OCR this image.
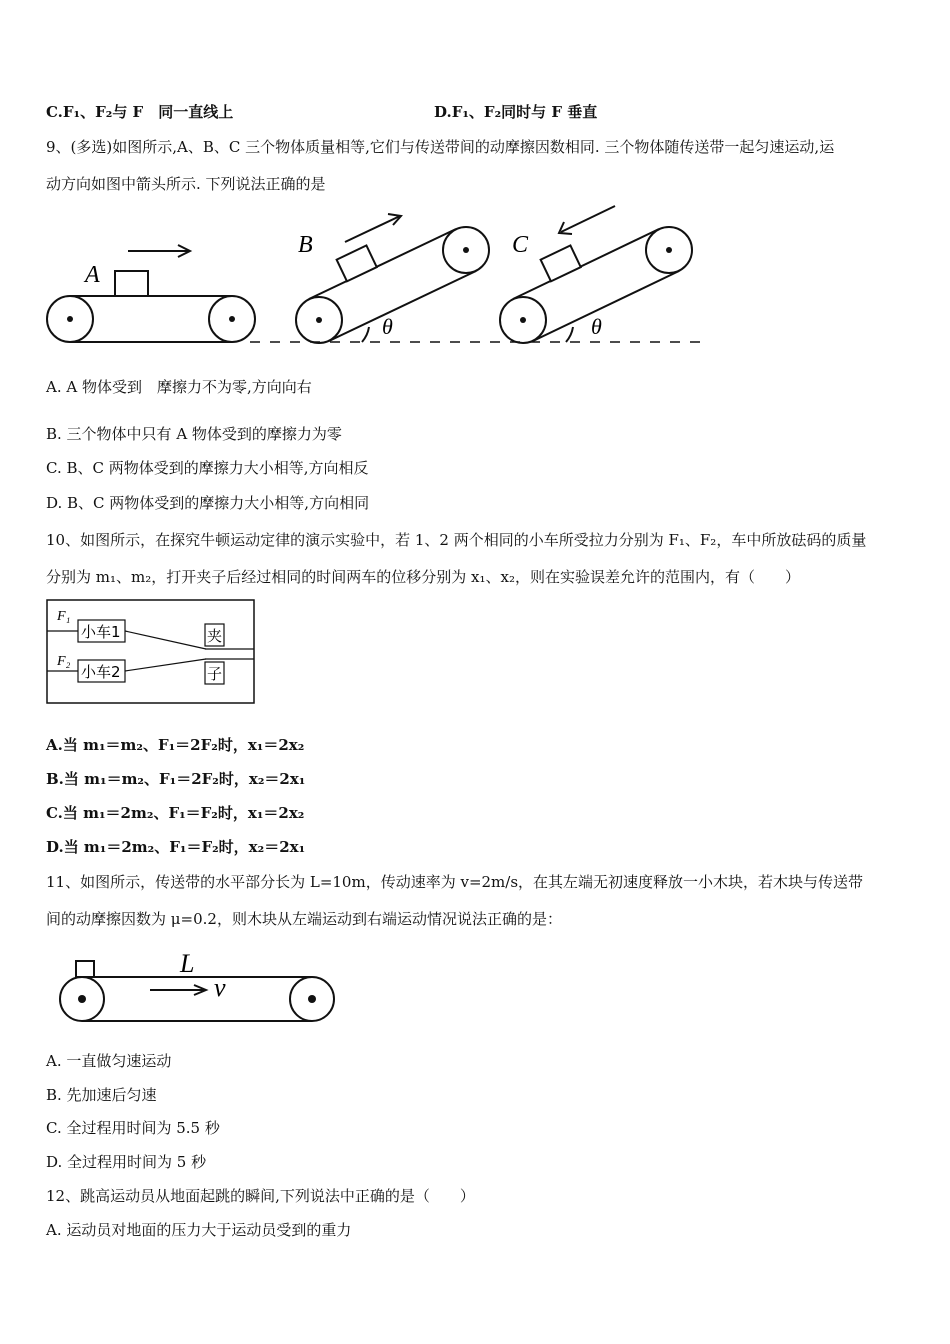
C.F₁、F₂与 F　同一直线上	D.F₁、F₂同时与 F 垂直
9、(多选)如图所示,A、B、C 三个物体质量相等,它们与传送带间的动摩擦因数相同. 三个物体随传送带一起匀速运动,运
动方向如图中箭头所示. 下列说法正确的是
A
B
θ
C
θ
A. A 物体受到　摩擦力不为零,方向向右
B. 三个物体中只有 A 物体受到的摩擦力为零
C. B、C 两物体受到的摩擦力大小相等,方向相反
D. B、C 两物体受到的摩擦力大小相等,方向相同
10、如图所示，在探究牛顿运动定律的演示实验中，若 1、2 两个相同的小车所受拉力分别为 F₁、F₂，车中所放砝码的质量
分别为 m₁、m₂，打开夹子后经过相同的时间两车的位移分别为 x₁、x₂，则在实验误差允许的范围内，有（　　）
F₁
F₂
小车1
小车2
夹
子
A.当 m₁＝m₂、F₁＝2F₂时，x₁＝2x₂
B.当 m₁＝m₂、F₁＝2F₂时，x₂＝2x₁
C.当 m₁＝2m₂、F₁＝F₂时，x₁＝2x₂
D.当 m₁＝2m₂、F₁＝F₂时，x₂＝2x₁
11、如图所示，传送带的水平部分长为 L=10m，传动速率为 v=2m/s，在其左端无初速度释放一小木块，若木块与传送带
间的动摩擦因数为 μ=0.2，则木块从左端运动到右端运动情况说法正确的是：
L
v
A. 一直做匀速运动
B. 先加速后匀速
C. 全过程用时间为 5.5 秒
D. 全过程用时间为 5 秒
12、跳高运动员从地面起跳的瞬间,下列说法中正确的是（　　）
A. 运动员对地面的压力大于运动员受到的重力
